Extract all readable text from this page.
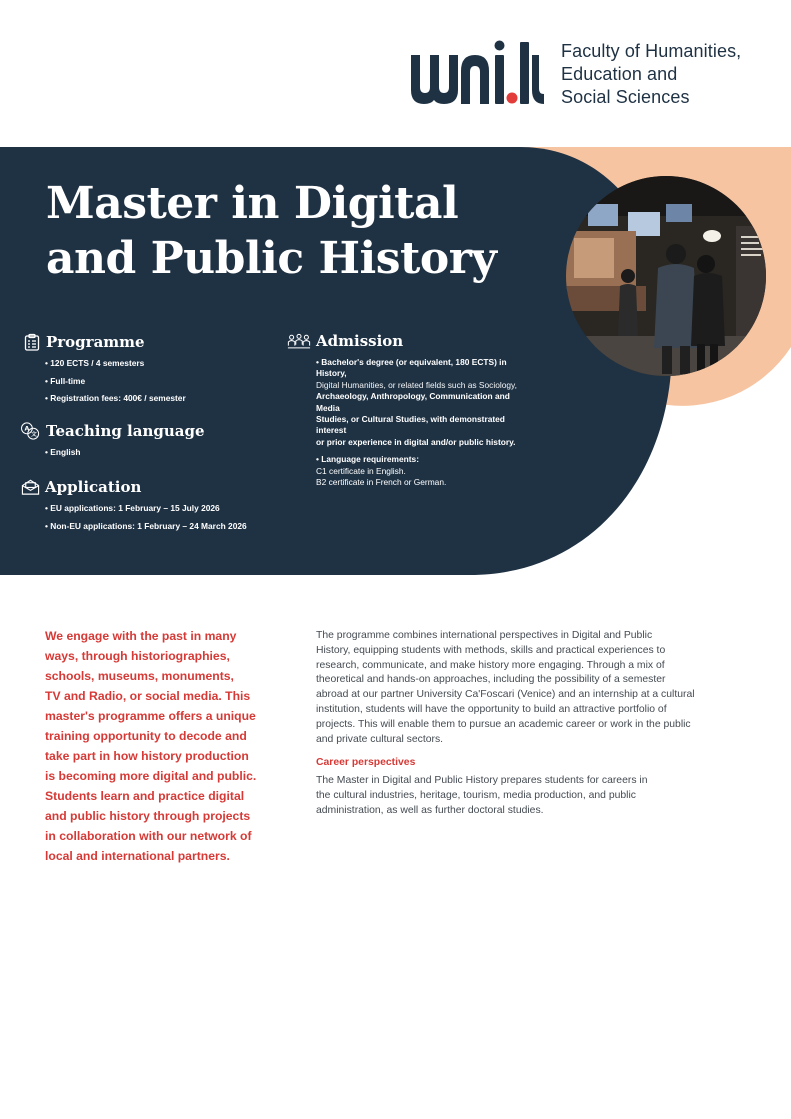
Faculty of Humanities,
Education and
Social Sciences
Master in Digital
and Public History
Programme
• 120 ECTS / 4 semesters
• Full-time
• Registration fees: 400€ / semester
A
文 Teaching language
• English
Application
• EU applications: 1 February – 15 July 2026
• Non-EU applications: 1 February – 24 March 2026
Admission
• Bachelor's degree (or equivalent, 180 ECTS) in History,
Digital Humanities, or related fields such as Sociology,
Archaeology, Anthropology, Communication and Media
Studies, or Cultural Studies, with demonstrated interest
or prior experience in digital and/or public history.
• Language requirements:
C1 certificate in English.
B2 certificate in French or German.
We engage with the past in many
ways, through historiographies,
schools, museums, monuments,
TV and Radio, or social media. This
master's programme offers a unique
training opportunity to decode and
take part in how history production
is becoming more digital and public.
Students learn and practice digital
and public history through projects
in collaboration with our network of
local and international partners.

The programme combines international perspectives in Digital and Public
History, equipping students with methods, skills and practical experiences to
research, communicate, and make history more engaging. Through a mix of
theoretical and hands-on approaches, including the possibility of a semester
abroad at our partner University Ca'Foscari (Venice) and an internship at a cultural
institution, students will have the opportunity to build an attractive portfolio of
projects. This will enable them to pursue an academic career or work in the public
and private cultural sectors.

Career perspectives

The Master in Digital and Public History prepares students for careers in
the cultural industries, heritage, tourism, media production, and public
administration, as well as further doctoral studies.
